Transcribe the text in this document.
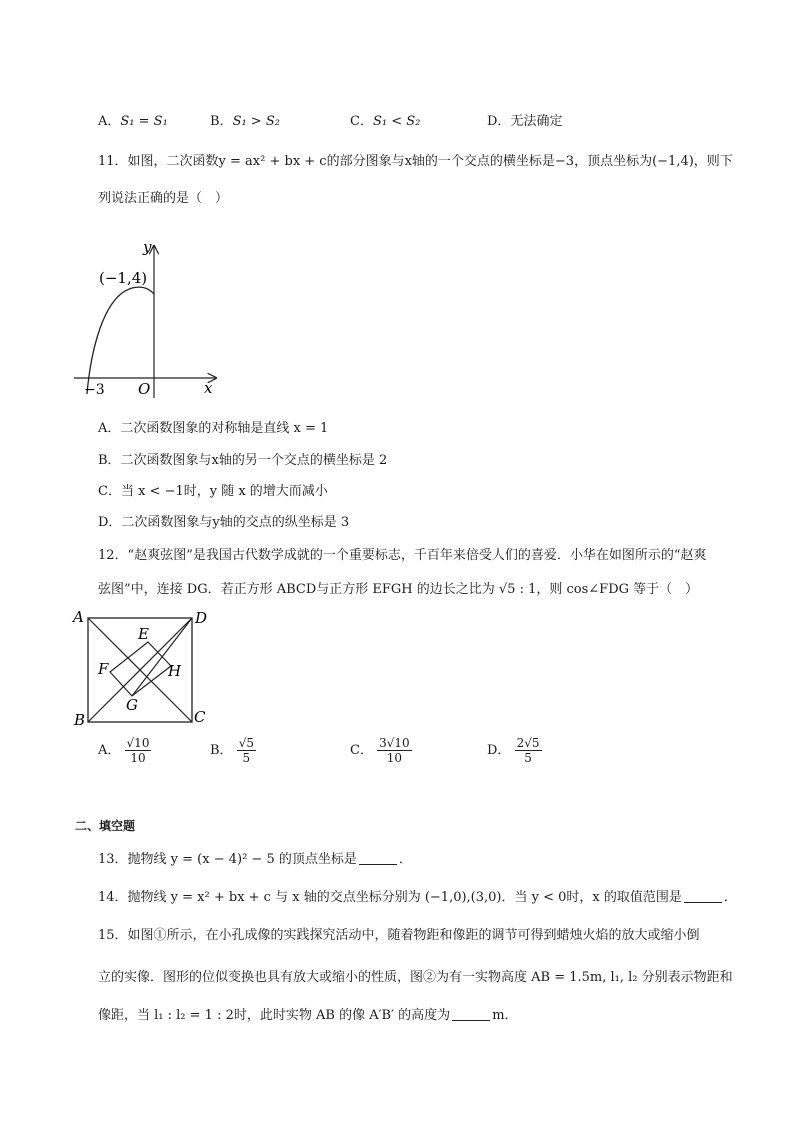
A．S₁ = S₁	B．S₁ > S₂	C．S₁ < S₂	D．无法确定
11．如图，二次函数y = ax² + bx + c的部分图象与x轴的一个交点的横坐标是−3，顶点坐标为(−1,4)，则下
列说法正确的是（　）
y
x
O
−3
(−1,4)
A．二次函数图象的对称轴是直线 x = 1
B．二次函数图象与x轴的另一个交点的横坐标是 2
C．当 x < −1时，y 随 x 的增大而减小
D．二次函数图象与y轴的交点的纵坐标是 3
12．“赵爽弦图”是我国古代数学成就的一个重要标志，千百年来倍受人们的喜爱．小华在如图所示的“赵爽
弦图”中，连接 DG．若正方形 ABCD与正方形 EFGH 的边长之比为 √5 : 1，则 cos∠FDG 等于（　）
A	D
B	C
E
F
G
H
A． $\frac{√10}{10}$	B． $\frac{√5}{5}$	C． $\frac{3√10}{10}$	D． $\frac{2√5}{5}$
二、填空题
13．抛物线 y = (x − 4)² − 5 的顶点坐标是	．
14．抛物线 y = x² + bx + c 与 x 轴的交点坐标分别为 (−1,0),(3,0)．当 y < 0时，x 的取值范围是	．
15．如图①所示，在小孔成像的实践探究活动中，随着物距和像距的调节可得到蜡烛火焰的放大或缩小倒
立的实像．图形的位似变换也具有放大或缩小的性质，图②为有一实物高度 AB = 1.5m, l₁, l₂ 分别表示物距和
像距，当 l₁ : l₂ = 1 : 2时，此时实物 AB 的像 A′B′ 的高度为	m．
